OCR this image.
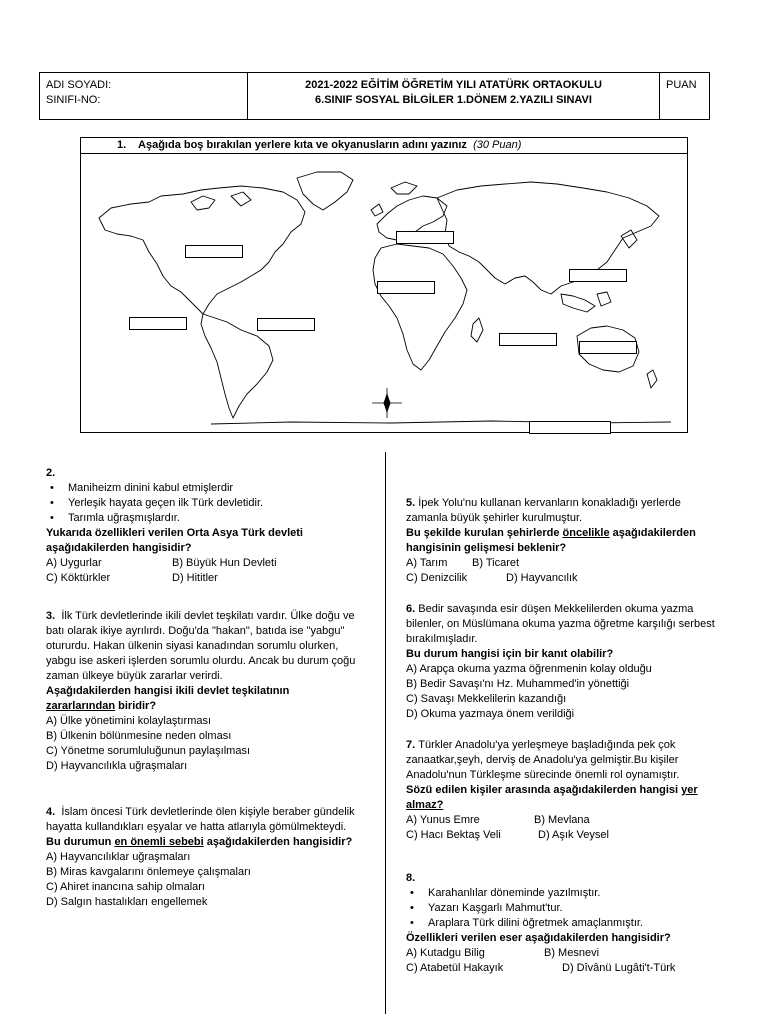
ADI SOYADI:
SINIFI-NO:
2021-2022 EĞİTİM ÖĞRETİM YILI ATATÜRK ORTAOKULU
6.SINIF SOSYAL BİLGİLER 1.DÖNEM 2.YAZILI SINAVI
PUAN
1. Aşağıda boş bırakılan yerlere kıta ve okyanusların adını yazınız (30 Puan)

2.

• Maniheizm dinini kabul etmişlerdir

• Yerleşik hayata geçen ilk Türk devletidir.

• Tarımla uğraşmışlardır.

Yukarıda özellikleri verilen Orta Asya Türk devleti aşağıdakilerden hangisidir?

A) Uygurlar	B) Büyük Hun Devleti

C) Köktürkler	D) Hititler

3. İlk Türk devletlerinde ikili devlet teşkilatı vardır. Ülke doğu ve batı olarak ikiye ayrılırdı. Doğu'da "hakan", batıda ise "yabgu" otururdu. Hakan ülkenin siyasi kanadından sorumlu olurken, yabgu ise askeri işlerden sorumlu olurdu. Ancak bu durum çoğu zaman ülkeye büyük zararlar verirdi.

Aşağıdakilerden hangisi ikili devlet teşkilatının
zararlarından biridir?

A) Ülke yönetimini kolaylaştırması

B) Ülkenin bölünmesine neden olması

C) Yönetme sorumluluğunun paylaşılması

D) Hayvancılıkla uğraşmaları

4. İslam öncesi Türk devletlerinde ölen kişiyle beraber gündelik hayatta kullandıkları eşyalar ve hatta atlarıyla gömülmekteydi.

Bu durumun en önemli sebebi aşağıdakilerden hangisidir?

A) Hayvancılıklar uğraşmaları

B) Miras kavgalarını önlemeye çalışmaları

C) Ahiret inancına sahip olmaları

D) Salgın hastalıkları engellemek

5. İpek Yolu'nu kullanan kervanların konakladığı yerlerde zamanla büyük şehirler kurulmuştur.

Bu şekilde kurulan şehirlerde öncelikle aşağıdakilerden hangisinin gelişmesi beklenir?

A) Tarım B) Ticaret

C) Denizcilik	D) Hayvancılık

6. Bedir savaşında esir düşen Mekkelilerden okuma yazma bilenler, on Müslümana okuma yazma öğretme karşılığı serbest bırakılmışladır.

Bu durum hangisi için bir kanıt olabilir?

A) Arapça okuma yazma öğrenmenin kolay olduğu

B) Bedir Savaşı'nı Hz. Muhammed'in yönettiği

C) Savaşı Mekkelilerin kazandığı

D) Okuma yazmaya önem verildiği

7. Türkler Anadolu'ya yerleşmeye başladığında pek çok zanaatkar,şeyh, derviş de Anadolu'ya gelmiştir.Bu kişiler Anadolu'nun Türkleşme sürecinde önemli rol oynamıştır.

Sözü edilen kişiler arasında aşağıdakilerden hangisi yer almaz?

A) Yunus Emre	B) Mevlana

C) Hacı Bektaş Veli	D) Aşık Veysel

8.

• Karahanlılar döneminde yazılmıştır.

• Yazarı Kaşgarlı Mahmut'tur.

• Araplara Türk dilini öğretmek amaçlanmıştır.

Özellikleri verilen eser aşağıdakilerden hangisidir?

A) Kutadgu Bilig	B) Mesnevi

C) Atabetül Hakayık	D) Dîvânü Lugâti't-Türk
